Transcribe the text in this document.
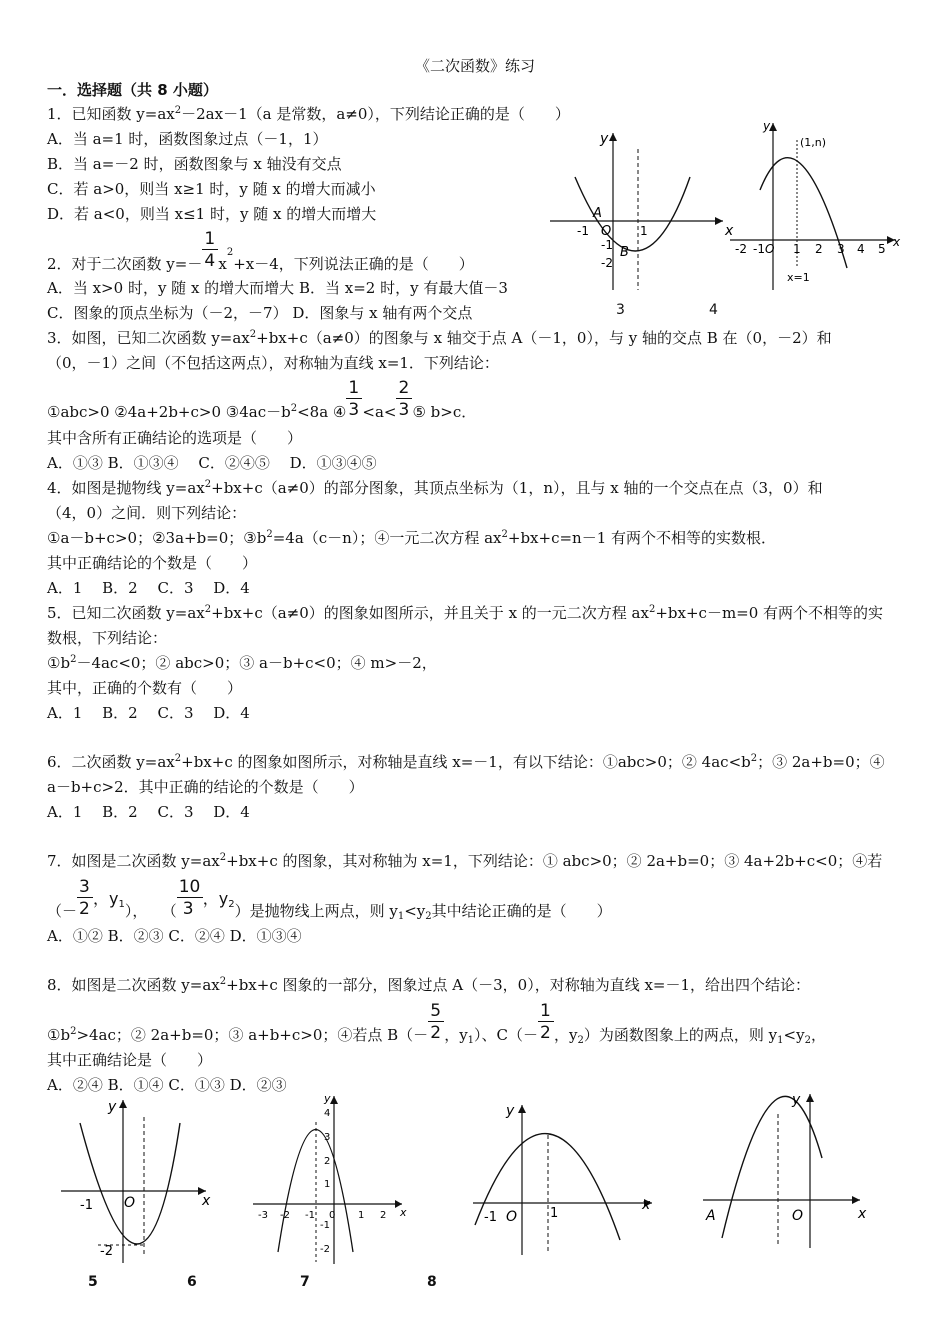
《二次函数》练习
一．选择题（共 8 小题）
1．已知函数 $y=ax^2-2ax-1(a$ 是常数，a≠0），下列结论正确的是（　　）
A．当 a=1 时，函数图象过点（－1，1）
B．当 a=－2 时，函数图象与 x 轴没有交点
C．若 a>0，则当 x≥1 时，y 随 x 的增大而减小
D．若 a<0，则当 x≤1 时，y 随 x 的增大而增大
2．对于二次函数 $y=- \frac{1}{4} x^2+x-4$，下列说法正确的是（　　）
A．当 x>0 时，y 随 x 的增大而增大 B．当 x=2 时，y 有最大值－3
C．图象的顶点坐标为（－2，－7） D．图象与 x 轴有两个交点
3．如图，已知二次函数 $y=ax^2+bx+c(a\ne 0)$的图象与 x 轴交于点 A（－1，0），与 y 轴的交点 B 在（0，－2）和
（0，－1）之间（不包括这两点），对称轴为直线 x=1．下列结论：
①abc>0 ②4a+2b+c>0 $③4ac-b^2<8a$ ④ $\frac{1}{3} <a< \frac{2}{3}$ ⑤ b>c．
其中含所有正确结论的选项是（　　）
A．①③ B．①③④　 C．②④⑤　 D．①③④⑤
4．如图是抛物线 $y=ax^2+bx+c(a\ne 0)$的部分图象，其顶点坐标为（1，n），且与 x 轴的一个交点在点（3，0）和
（4，0）之间．则下列结论：
①a－b+c>0；②3a+b=0；$③b^2=4a(c-n)$；④一元二次方程 $ax^2+bx+c=n-1$ 有两个不相等的实数根．
其中正确结论的个数是（　　）
A．1　 B．2　 C．3　 D．4
5．已知二次函数 $y=ax^2+bx+c(a\ne 0)$的图象如图所示，并且关于 x 的一元二次方程 $ax^2+bx+c-m=0$ 有两个不相等的实
数根，下列结论：
$①b^2-4ac<0$；② abc>0；③ a－b+c<0；④ m>－2，
其中，正确的个数有（　　）
A．1　 B．2　 C．3　 D．4
6．二次函数 $y=ax^2+bx+c$ 的图象如图所示，对称轴是直线 x=－1，有以下结论：①abc>0；② $4ac<b^2$；③ 2a+b=0；④
a－b+c>2．其中正确的结论的个数是（　　）
A．1　 B．2　 C．3　 D．4
7．如图是二次函数 $y=ax^2+bx+c$ 的图象，其对称轴为 x=1，下列结论：① abc>0；② 2a+b=0；③ 4a+2b+c<0；④若
（－ $\frac{3}{2}$
，$y_1$）， （ $\frac{10}{3}$
，$y_2$）是抛物线上两点，则 $y_1<y_2$其中结论正确的是（　　）
A．①② B．②③ C．②④ D．①③④
8．如图是二次函数 $y=ax^2+bx+c$ 图象的一部分，图象过点 A（－3，0），对称轴为直线 x=－1，给出四个结论：
$①b^2>4ac$；② 2a+b=0；③ a+b+c>0；④若点 $B(- \frac{5}{2}$ ，$y_1$）、$C(- \frac{1}{2}$ ，$y_2$）为函数图象上的两点，则 $y_1<y_2$，
其中正确结论是（　　）
A．②④ B．①④ C．①③ D．②③
x
y
A
O
B
-1	1
-1
-2
y
x
(1,n)
x=1
O
-2 -1 1 2 3 4 5
3	4
x
y
O
-1
-2
x
y
-3 -2 -1 0 1 2
4
3
2
1
-1
-2
x
y
O
-1	1	x
y
O
A
5	6	7	8
